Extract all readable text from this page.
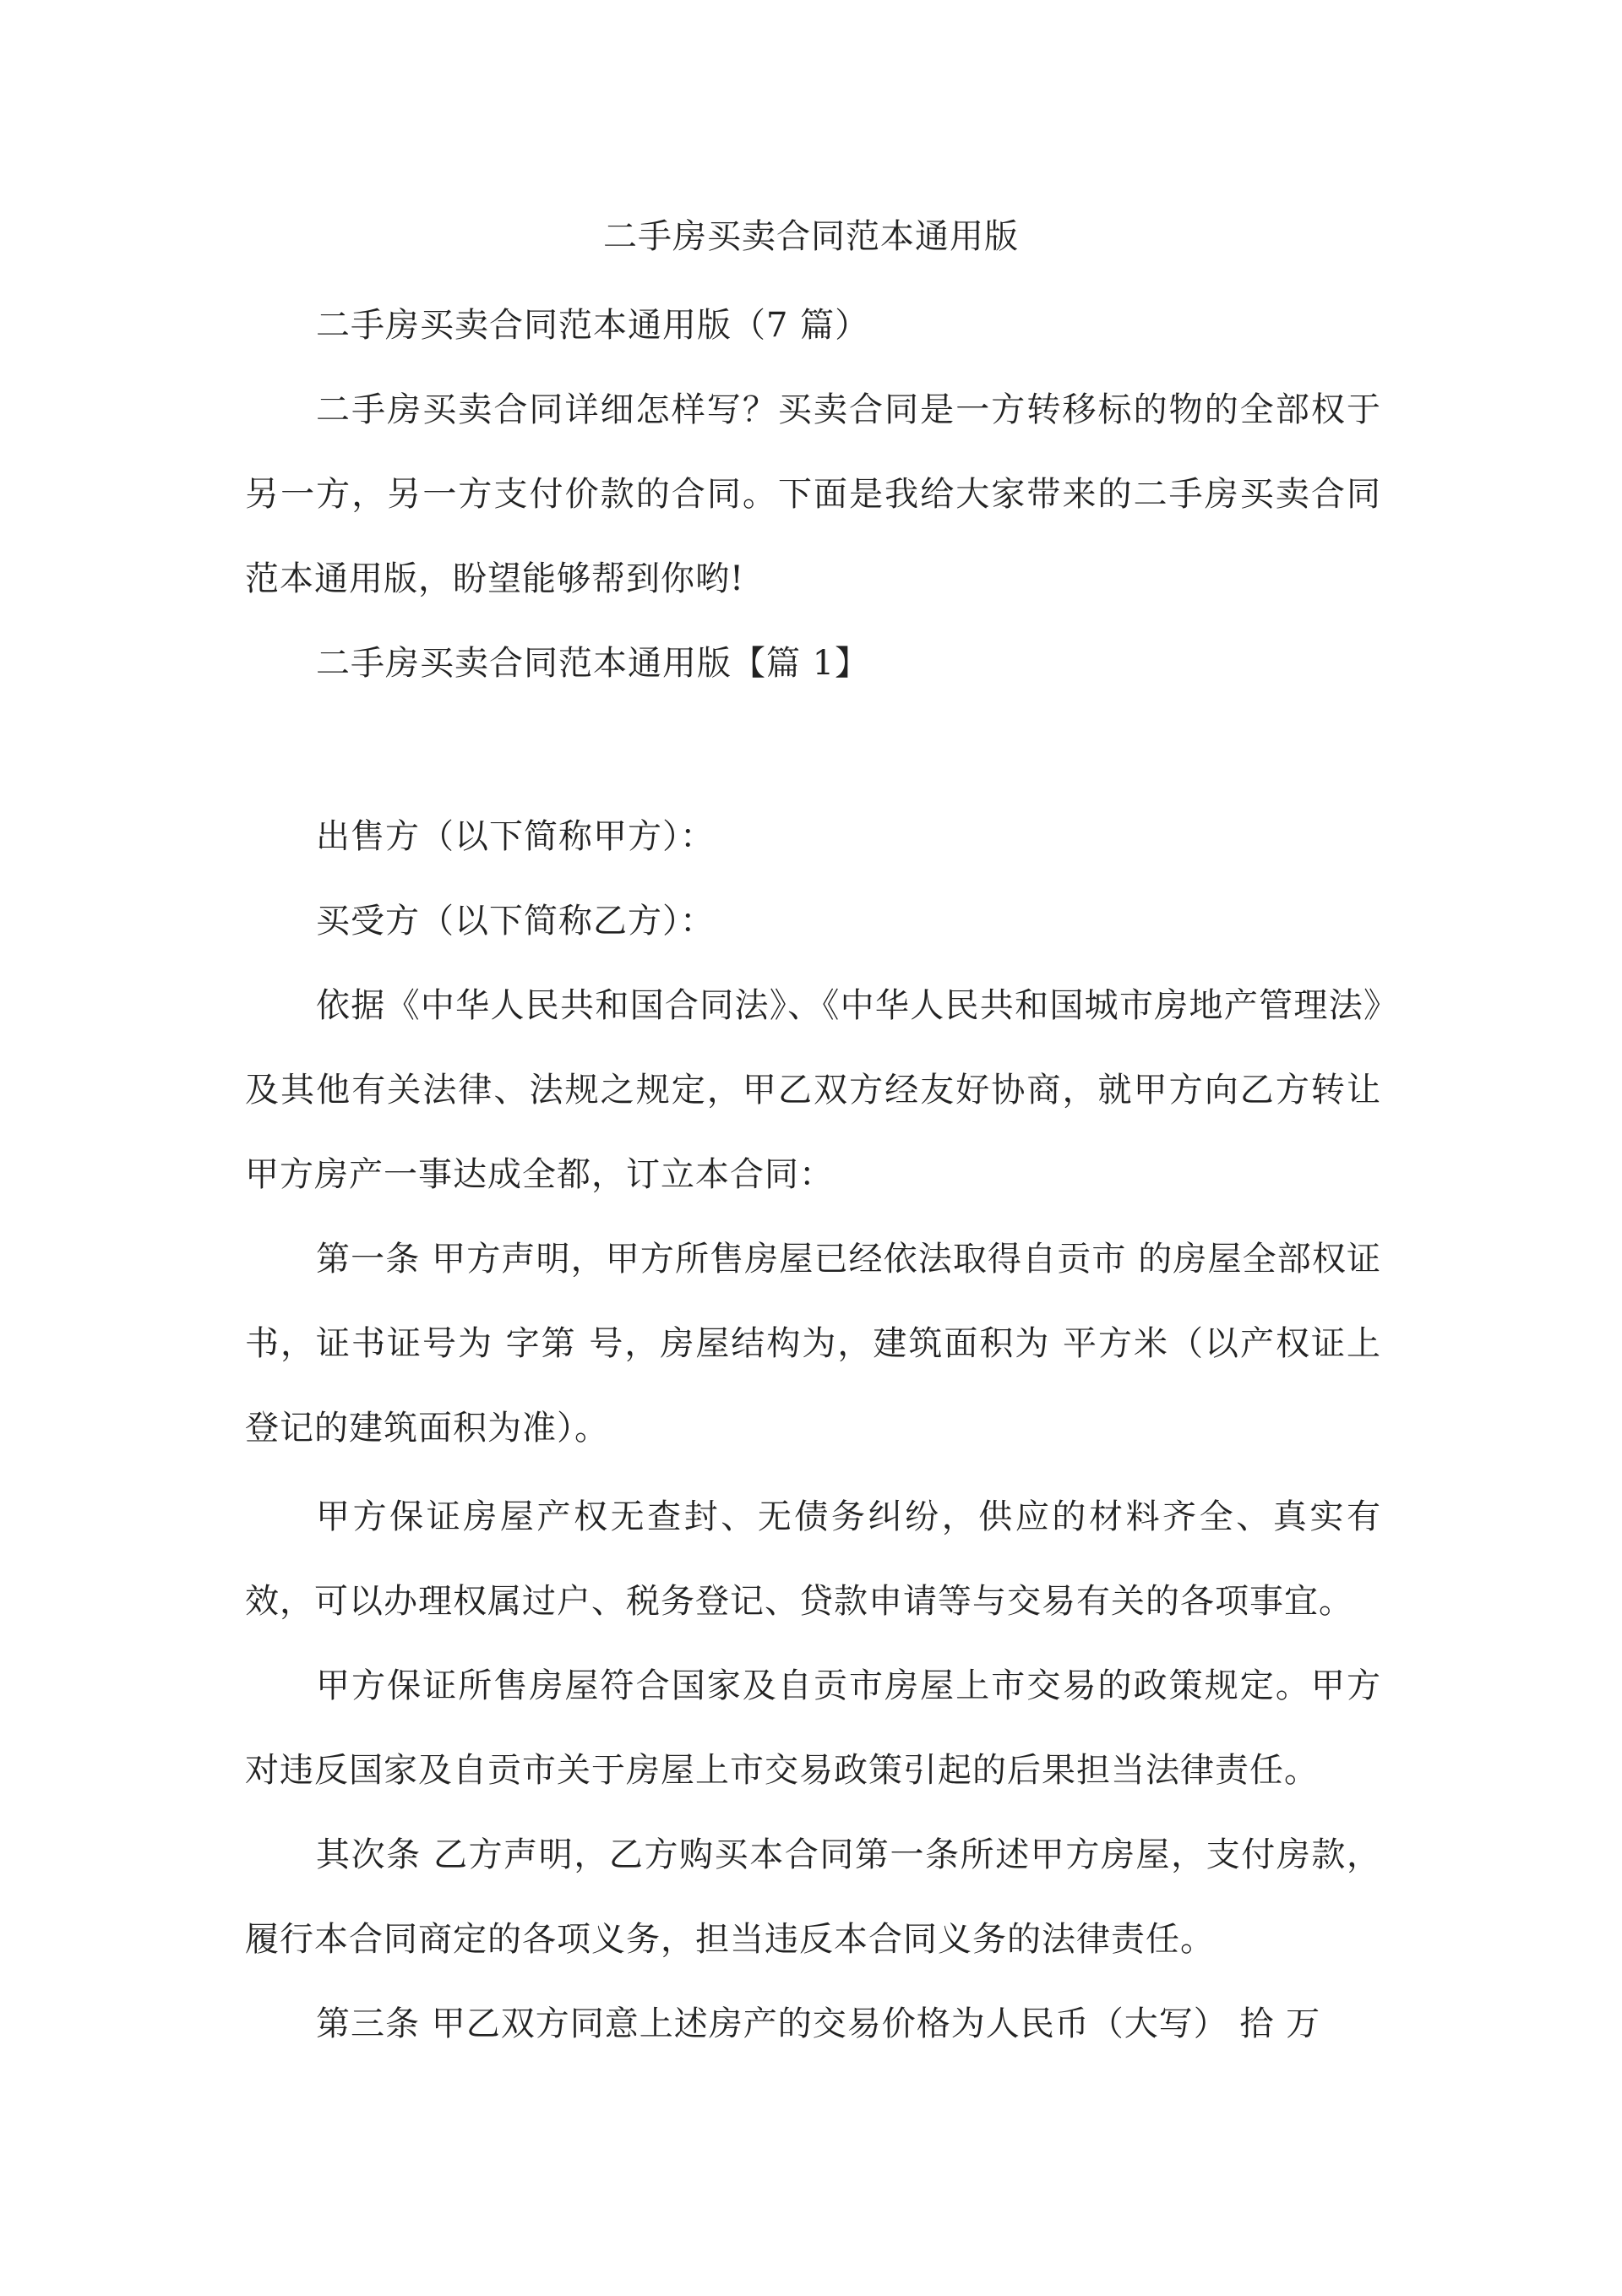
二手房买卖合同范本通用版

二手房买卖合同范本通用版（7 篇）

二手房买卖合同详细怎样写？买卖合同是一方转移标的物的全部权于另一方，另一方支付价款的合同。下面是我给大家带来的二手房买卖合同范本通用版，盼望能够帮到你哟!

二手房买卖合同范本通用版【篇 1】

出售方（以下简称甲方）：

买受方（以下简称乙方）：

依据《中华人民共和国合同法》、《中华人民共和国城市房地产管理法》及其他有关法律、法规之规定，甲乙双方经友好协商，就甲方向乙方转让甲方房产一事达成全都，订立本合同：

第一条 甲方声明，甲方所售房屋已经依法取得自贡市 的房屋全部权证书，证书证号为 字第 号，房屋结构为，建筑面积为 平方米（以产权证上登记的建筑面积为准）。

甲方保证房屋产权无查封、无债务纠纷，供应的材料齐全、真实有效，可以办理权属过户、税务登记、贷款申请等与交易有关的各项事宜。

甲方保证所售房屋符合国家及自贡市房屋上市交易的政策规定。甲方对违反国家及自贡市关于房屋上市交易政策引起的后果担当法律责任。

其次条 乙方声明，乙方购买本合同第一条所述甲方房屋，支付房款，履行本合同商定的各项义务，担当违反本合同义务的法律责任。

第三条 甲乙双方同意上述房产的交易价格为人民币（大写） 拾 万
